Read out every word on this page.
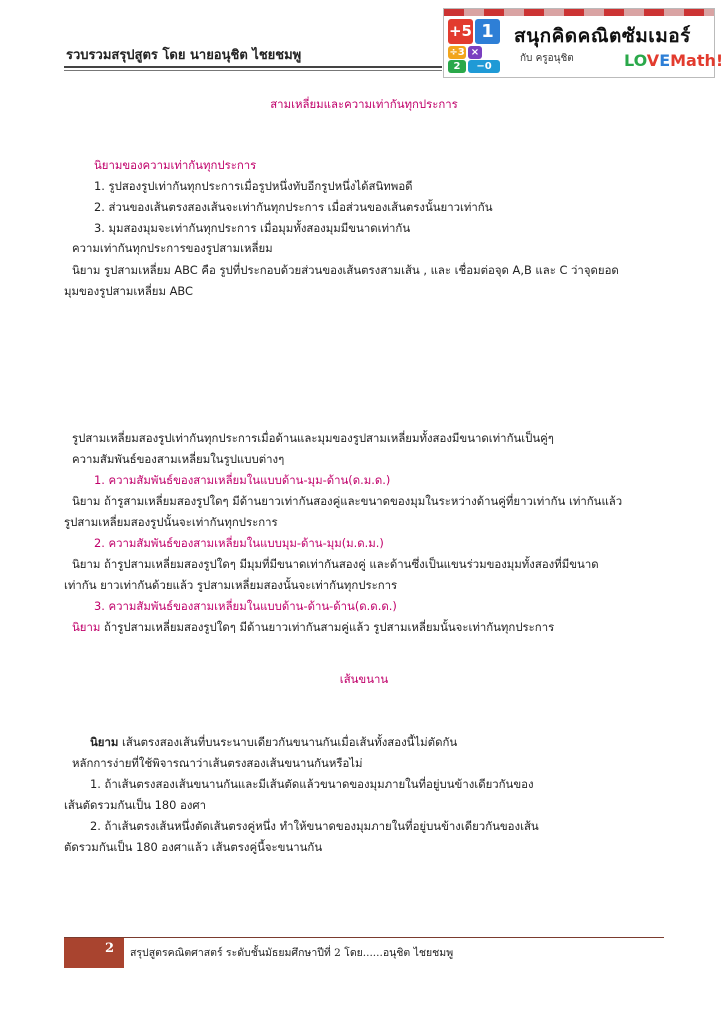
รวบรวมสรุปสูตร โดย นายอนุชิต ไชยชมพู
+5 1
÷3 ×
2	−0
สนุกคิดคณิตซัมเมอร์
กับ ครูอนุชิต	LOVEMath!
สามเหลี่ยมและความเท่ากันทุกประการ
นิยามของความเท่ากันทุกประการ
1. รูปสองรูปเท่ากันทุกประการเมื่อรูปหนึ่งทับอีกรูปหนึ่งได้สนิทพอดี
2. ส่วนของเส้นตรงสองเส้นจะเท่ากันทุกประการ เมื่อส่วนของเส้นตรงนั้นยาวเท่ากัน
3. มุมสองมุมจะเท่ากันทุกประการ เมื่อมุมทั้งสองมุมมีขนาดเท่ากัน
ความเท่ากันทุกประการของรูปสามเหลี่ยม
นิยาม รูปสามเหลี่ยม ABC คือ รูปที่ประกอบด้วยส่วนของเส้นตรงสามเส้น , และ เชื่อมต่อจุด A,B และ C ว่าจุดยอด
มุมของรูปสามเหลี่ยม ABC
รูปสามเหลี่ยมสองรูปเท่ากันทุกประการเมื่อด้านและมุมของรูปสามเหลี่ยมทั้งสองมีขนาดเท่ากันเป็นคู่ๆ
ความสัมพันธ์ของสามเหลี่ยมในรูปแบบต่างๆ
1. ความสัมพันธ์ของสามเหลี่ยมในแบบด้าน-มุม-ด้าน(ด.ม.ด.)
นิยาม ถ้ารูสามเหลี่ยมสองรูปใดๆ มีด้านยาวเท่ากันสองคู่และขนาดของมุมในระหว่างด้านคู่ที่ยาวเท่ากัน เท่ากันแล้ว
รูปสามเหลี่ยมสองรูปนั้นจะเท่ากันทุกประการ
2. ความสัมพันธ์ของสามเหลี่ยมในแบบมุม-ด้าน-มุม(ม.ด.ม.)
นิยาม ถ้ารูปสามเหลี่ยมสองรูปใดๆ มีมุมที่มีขนาดเท่ากันสองคู่ และด้านซึ่งเป็นแขนร่วมของมุมทั้งสองที่มีขนาด
เท่ากัน ยาวเท่ากันด้วยแล้ว รูปสามเหลี่ยมสองนั้นจะเท่ากันทุกประการ
3. ความสัมพันธ์ของสามเหลี่ยมในแบบด้าน-ด้าน-ด้าน(ด.ด.ด.)
นิยาม ถ้ารูปสามเหลี่ยมสองรูปใดๆ มีด้านยาวเท่ากันสามคู่แล้ว รูปสามเหลี่ยมนั้นจะเท่ากันทุกประการ
เส้นขนาน
นิยาม เส้นตรงสองเส้นที่บนระนาบเดียวกันขนานกันเมื่อเส้นทั้งสองนี้ไม่ตัดกัน
หลักการง่ายที่ใช้พิจารณาว่าเส้นตรงสองเส้นขนานกันหรือไม่
1. ถ้าเส้นตรงสองเส้นขนานกันและมีเส้นตัดแล้วขนาดของมุมภายในที่อยู่บนข้างเดียวกันของ
เส้นตัดรวมกันเป็น 180 องศา
2. ถ้าเส้นตรงเส้นหนึ่งตัดเส้นตรงคู่หนึ่ง ทำให้ขนาดของมุมภายในที่อยู่บนข้างเดียวกันของเส้น
ตัดรวมกันเป็น 180 องศาแล้ว เส้นตรงคู่นี้จะขนานกัน
2	สรุปสูตรคณิตศาสตร์ ระดับชั้นมัธยมศึกษาปีที่ 2 โดย......อนุชิต ไชยชมพู
